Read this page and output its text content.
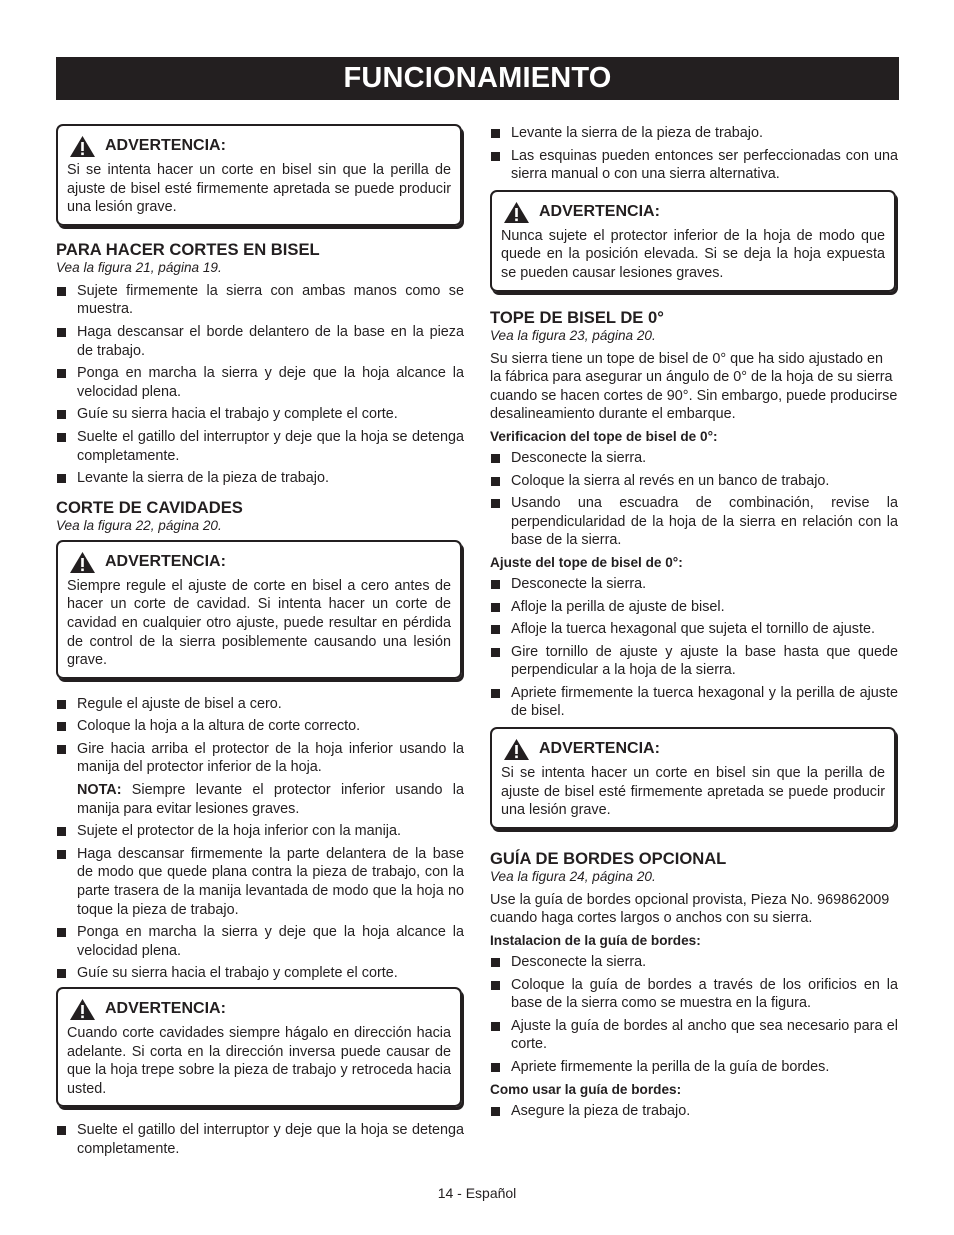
FUNCIONAMIENTO
ADVERTENCIA:
Si se intenta hacer un corte en bisel sin que la perilla de ajuste de bisel esté firmemente apretada se puede producir una lesión grave.
PARA HACER CORTES EN BISEL
Vea la figura 21, página 19.
Sujete firmemente la sierra con ambas manos como se muestra.
Haga descansar el borde delantero de la base en la pieza de trabajo.
Ponga en marcha la sierra y deje que la hoja alcance la velocidad plena.
Guíe su sierra hacia el trabajo y complete el corte.
Suelte el gatillo del interruptor y deje que la hoja se detenga completamente.
Levante la sierra de la pieza de trabajo.
CORTE DE CAVIDADES
Vea la figura 22, página 20.
ADVERTENCIA:
Siempre regule el ajuste de corte en bisel a cero antes de hacer un corte de cavidad. Si intenta hacer un corte de cavidad en cualquier otro ajuste, puede resultar en pérdida de control de la sierra posiblemente causando una lesión grave.
Regule el ajuste de bisel a cero.
Coloque la hoja a la altura de corte correcto.
Gire hacia arriba el protector de la hoja inferior usando la manija del protector inferior de la hoja.
NOTA: Siempre levante el protector inferior usando la manija para evitar lesiones graves.
Sujete el protector de la hoja inferior con la manija.
Haga descansar firmemente la parte delantera de la base de modo que quede plana contra la pieza de trabajo, con la parte trasera de la manija levantada de modo que la hoja no toque la pieza de trabajo.
Ponga en marcha la sierra y deje que la hoja alcance la velocidad plena.
Guíe su sierra hacia el trabajo y complete el corte.
ADVERTENCIA:
Cuando corte cavidades siempre hágalo en dirección hacia adelante. Si corta en la dirección inversa puede causar de que la hoja trepe sobre la pieza de trabajo y retroceda hacia usted.
Suelte el gatillo del interruptor y deje que la hoja se detenga completamente.
Levante la sierra de la pieza de trabajo.
Las esquinas pueden entonces ser perfeccionadas con una sierra manual o con una sierra alternativa.
ADVERTENCIA:
Nunca sujete el protector inferior de la hoja de modo que quede en la posición elevada. Si se deja la hoja expuesta se pueden causar lesiones graves.
TOPE DE BISEL DE 0°
Vea la figura 23, página 20.
Su sierra tiene un tope de bisel de 0° que ha sido ajustado en la fábrica para asegurar un ángulo de 0° de la hoja de su sierra cuando se hacen cortes de 90°. Sin embargo, puede producirse desalineamiento durante el embarque.
Verificacion del tope de bisel de 0°:
Desconecte la sierra.
Coloque la sierra al revés en un banco de trabajo.
Usando una escuadra de combinación, revise la perpendicularidad de la hoja de la sierra en relación con la base de la sierra.
Ajuste del tope de bisel de 0°:
Desconecte la sierra.
Afloje la perilla de ajuste de bisel.
Afloje la tuerca hexagonal que sujeta el tornillo de ajuste.
Gire tornillo de ajuste y ajuste la base hasta que quede perpendicular a la hoja de la sierra.
Apriete firmemente la tuerca hexagonal y la perilla de ajuste de bisel.
ADVERTENCIA:
Si se intenta hacer un corte en bisel sin que la perilla de ajuste de bisel esté firmemente apretada se puede producir una lesión grave.
GUÍA DE BORDES OPCIONAL
Vea la figura 24, página 20.
Use la guía de bordes opcional provista, Pieza No. 969862009 cuando haga cortes largos o anchos con su sierra.
Instalacion de la guía de bordes:
Desconecte la sierra.
Coloque la guía de bordes a través de los orificios en la base de la sierra como se muestra en la figura.
Ajuste la guía de bordes al ancho que sea necesario para el corte.
Apriete firmemente la perilla de la guía de bordes.
Como usar la guía de bordes:
Asegure la pieza de trabajo.
14 - Español
